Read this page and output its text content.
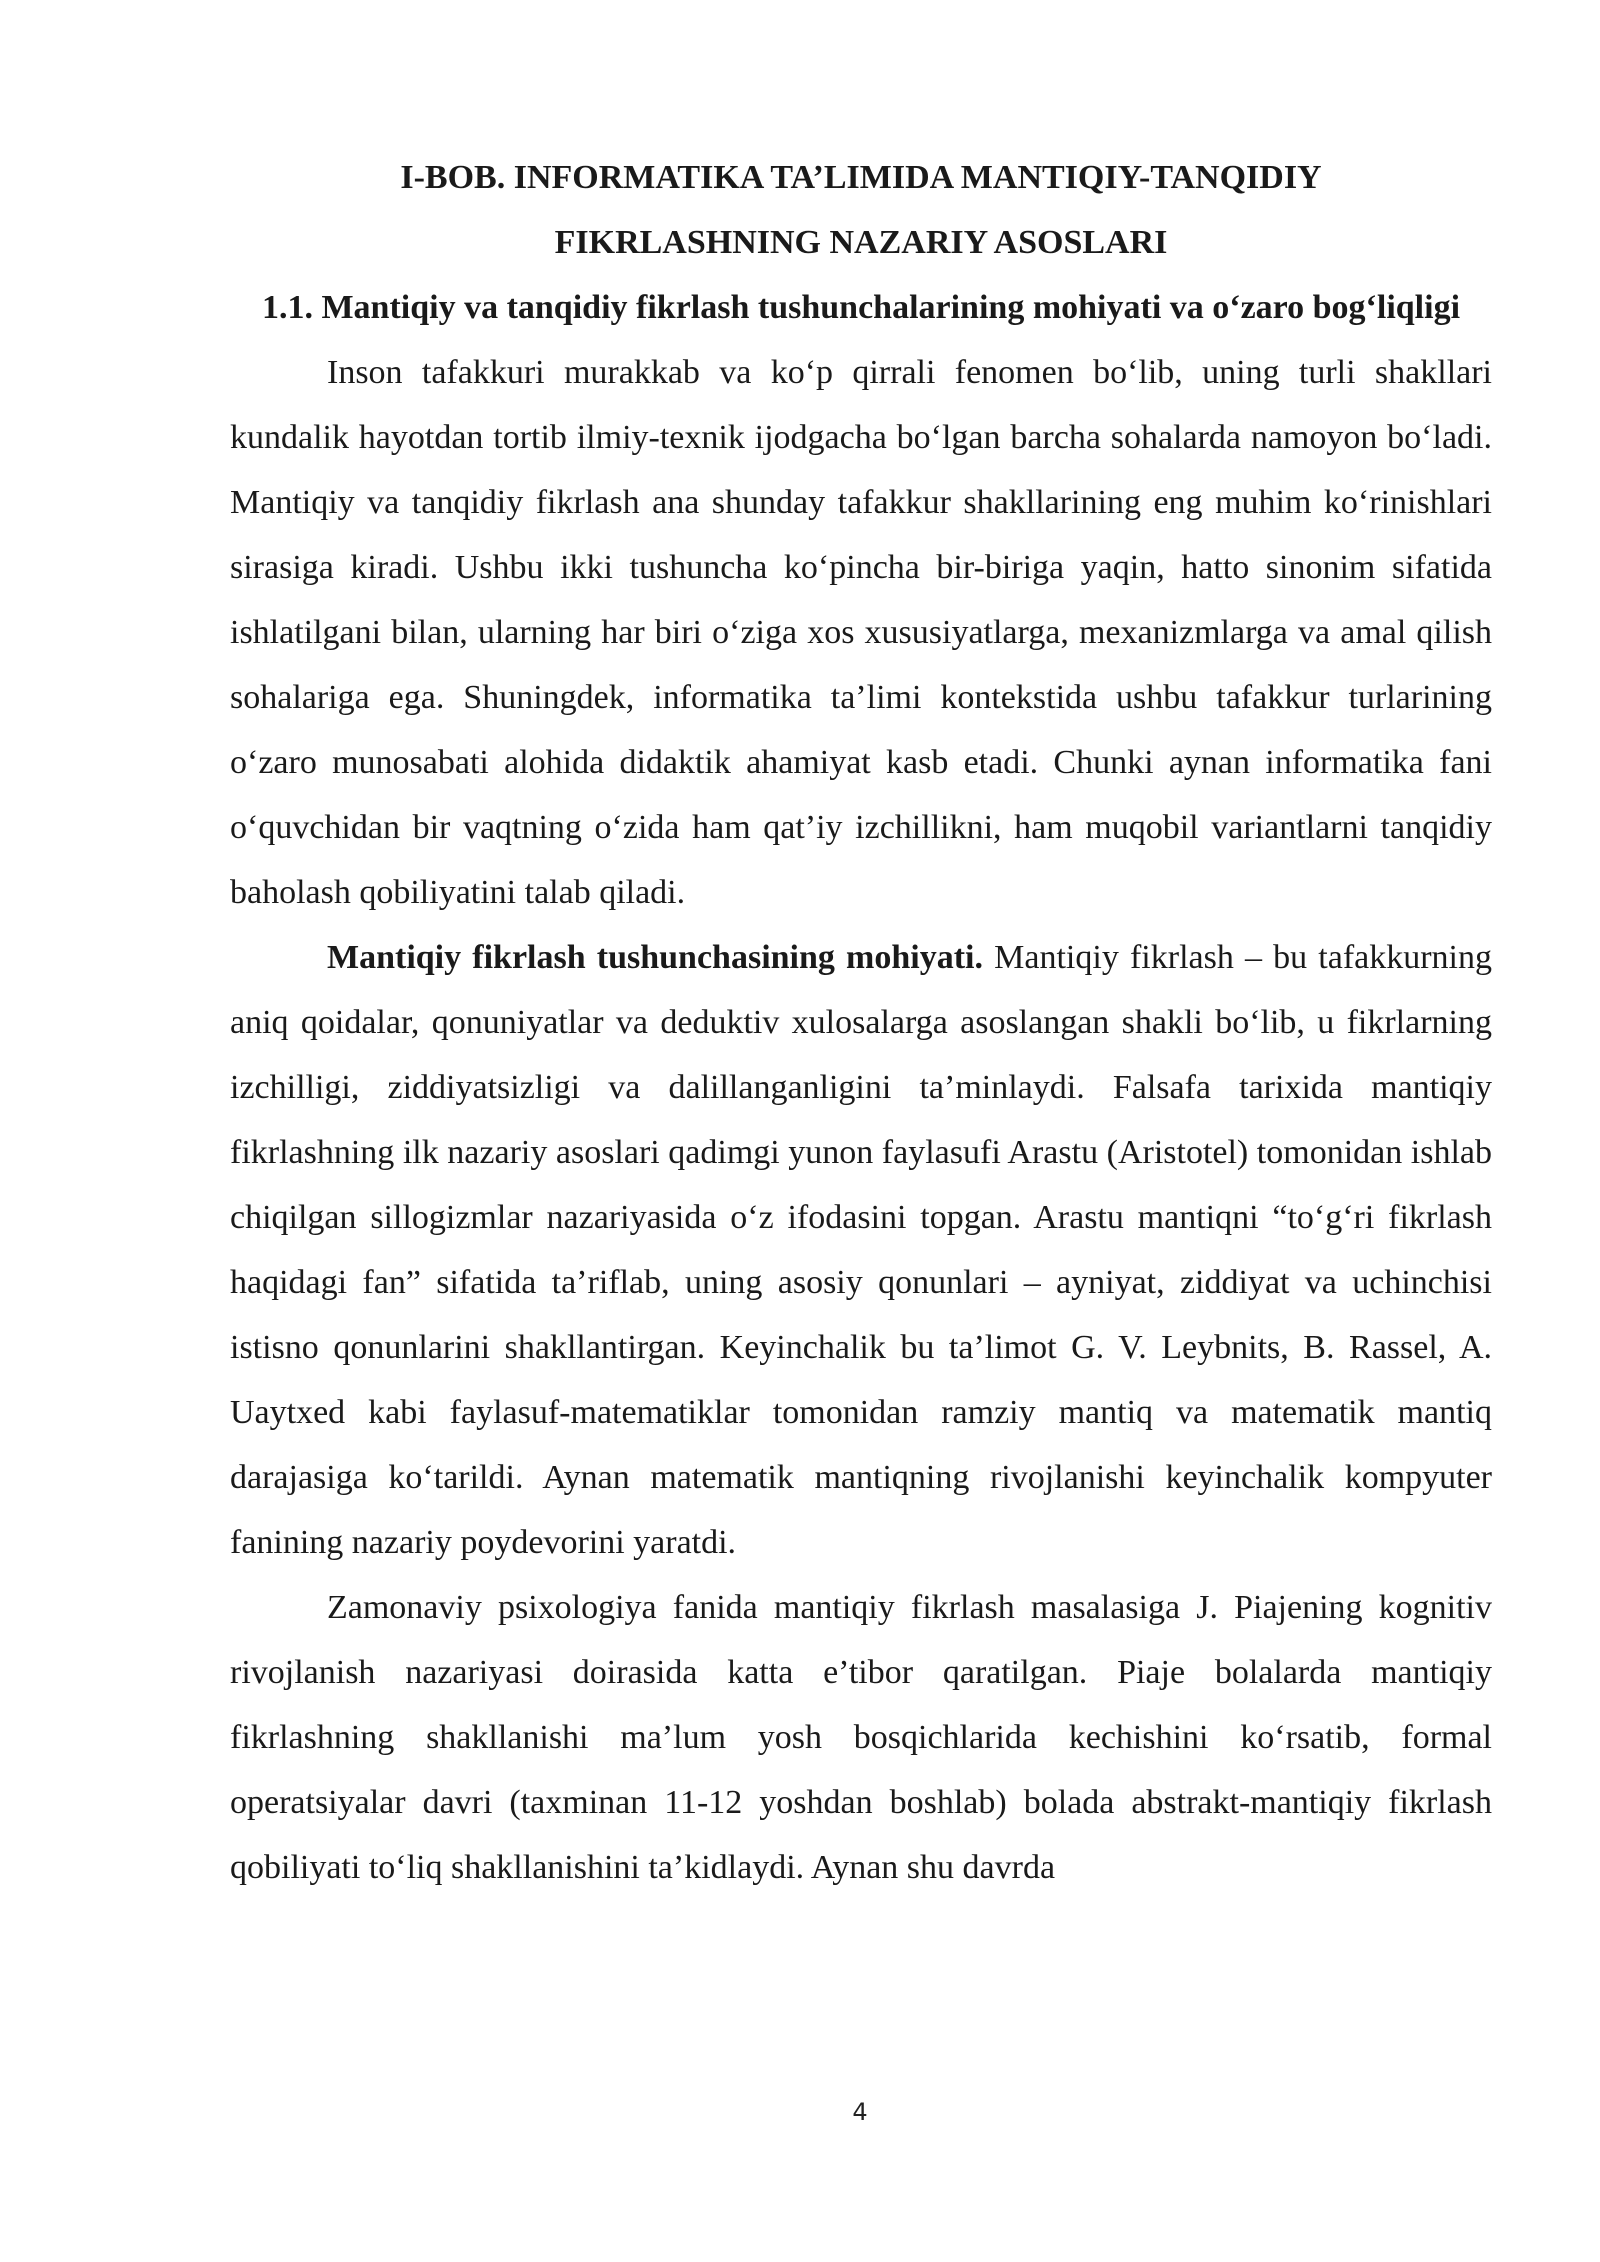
I-BOB. INFORMATIKA TA’LIMIDA MANTIQIY-TANQIDIY

FIKRLASHNING NAZARIY ASOSLARI

1.1. Mantiqiy va tanqidiy fikrlash tushunchalarining mohiyati va o‘zaro bog‘liqligi

Inson tafakkuri murakkab va ko‘p qirrali fenomen bo‘lib, uning turli shakllari kundalik hayotdan tortib ilmiy-texnik ijodgacha bo‘lgan barcha sohalarda namoyon bo‘ladi. Mantiqiy va tanqidiy fikrlash ana shunday tafakkur shakllarining eng muhim ko‘rinishlari sirasiga kiradi. Ushbu ikki tushuncha ko‘pincha bir-biriga yaqin, hatto sinonim sifatida ishlatilgani bilan, ularning har biri o‘ziga xos xususiyatlarga, mexanizmlarga va amal qilish sohalariga ega. Shuningdek, informatika ta’limi kontekstida ushbu tafakkur turlarining o‘zaro munosabati alohida didaktik ahamiyat kasb etadi. Chunki aynan informatika fani o‘quvchidan bir vaqtning o‘zida ham qat’iy izchillikni, ham muqobil variantlarni tanqidiy baholash qobiliyatini talab qiladi.

Mantiqiy fikrlash tushunchasining mohiyati. Mantiqiy fikrlash – bu tafakkurning aniq qoidalar, qonuniyatlar va deduktiv xulosalarga asoslangan shakli bo‘lib, u fikrlarning izchilligi, ziddiyatsizligi va dalillanganligini ta’minlaydi. Falsafa tarixida mantiqiy fikrlashning ilk nazariy asoslari qadimgi yunon faylasufi Arastu (Aristotel) tomonidan ishlab chiqilgan sillogizmlar nazariyasida o‘z ifodasini topgan. Arastu mantiqni “to‘g‘ri fikrlash haqidagi fan” sifatida ta’riflab, uning asosiy qonunlari – ayniyat, ziddiyat va uchinchisi istisno qonunlarini shakllantirgan. Keyinchalik bu ta’limot G. V. Leybnits, B. Rassel, A. Uaytxed kabi faylasuf-matematiklar tomonidan ramziy mantiq va matematik mantiq darajasiga ko‘tarildi. Aynan matematik mantiqning rivojlanishi keyinchalik kompyuter fanining nazariy poydevorini yaratdi.

Zamonaviy psixologiya fanida mantiqiy fikrlash masalasiga J. Piajening kognitiv rivojlanish nazariyasi doirasida katta e’tibor qaratilgan. Piaje bolalarda mantiqiy fikrlashning shakllanishi ma’lum yosh bosqichlarida kechishini ko‘rsatib, formal operatsiyalar davri (taxminan 11-12 yoshdan boshlab) bolada abstrakt-mantiqiy fikrlash qobiliyati to‘liq shakllanishini ta’kidlaydi. Aynan shu davrda

4
